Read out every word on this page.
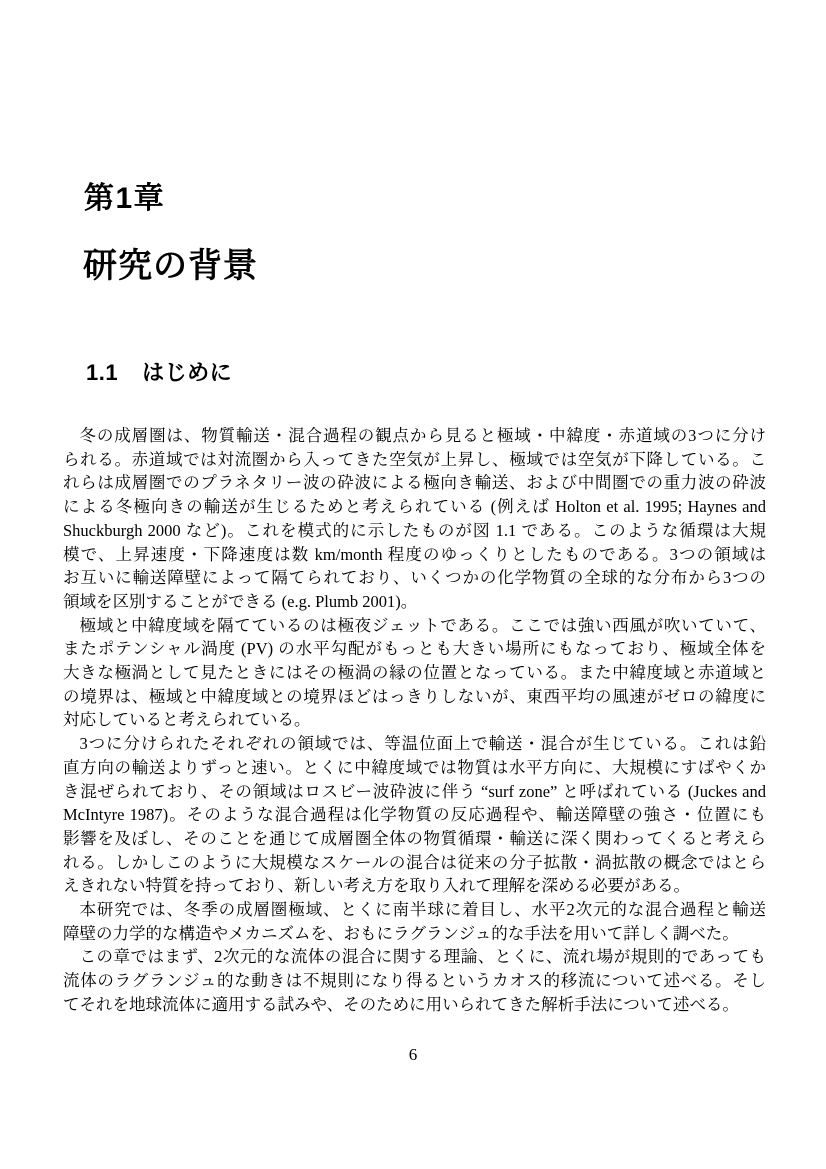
第1章
研究の背景
1.1 はじめに
冬の成層圏は、物質輸送・混合過程の観点から見ると極域・中緯度・赤道域の3つに分け
られる。赤道域では対流圏から入ってきた空気が上昇し、極域では空気が下降している。こ
れらは成層圏でのプラネタリー波の砕波による極向き輸送、および中間圏での重力波の砕波
による冬極向きの輸送が生じるためと考えられている (例えば Holton et al. 1995; Haynes and
Shuckburgh 2000 など)。これを模式的に示したものが図 1.1 である。このような循環は大規
模で、上昇速度・下降速度は数 km/month 程度のゆっくりとしたものである。3つの領域は
お互いに輸送障壁によって隔てられており、いくつかの化学物質の全球的な分布から3つの
領域を区別することができる (e.g. Plumb 2001)。
極域と中緯度域を隔てているのは極夜ジェットである。ここでは強い西風が吹いていて、
またポテンシャル渦度 (PV) の水平勾配がもっとも大きい場所にもなっており、極域全体を
大きな極渦として見たときにはその極渦の縁の位置となっている。また中緯度域と赤道域と
の境界は、極域と中緯度域との境界ほどはっきりしないが、東西平均の風速がゼロの緯度に
対応していると考えられている。
3つに分けられたそれぞれの領域では、等温位面上で輸送・混合が生じている。これは鉛
直方向の輸送よりずっと速い。とくに中緯度域では物質は水平方向に、大規模にすばやくか
き混ぜられており、その領域はロスビー波砕波に伴う “surf zone” と呼ばれている (Juckes and
McIntyre 1987)。そのような混合過程は化学物質の反応過程や、輸送障壁の強さ・位置にも
影響を及ぼし、そのことを通じて成層圏全体の物質循環・輸送に深く関わってくると考えら
れる。しかしこのように大規模なスケールの混合は従来の分子拡散・渦拡散の概念ではとら
えきれない特質を持っており、新しい考え方を取り入れて理解を深める必要がある。
本研究では、冬季の成層圏極域、とくに南半球に着目し、水平2次元的な混合過程と輸送
障壁の力学的な構造やメカニズムを、おもにラグランジュ的な手法を用いて詳しく調べた。
この章ではまず、2次元的な流体の混合に関する理論、とくに、流れ場が規則的であっても
流体のラグランジュ的な動きは不規則になり得るというカオス的移流について述べる。そし
てそれを地球流体に適用する試みや、そのために用いられてきた解析手法について述べる。
6
